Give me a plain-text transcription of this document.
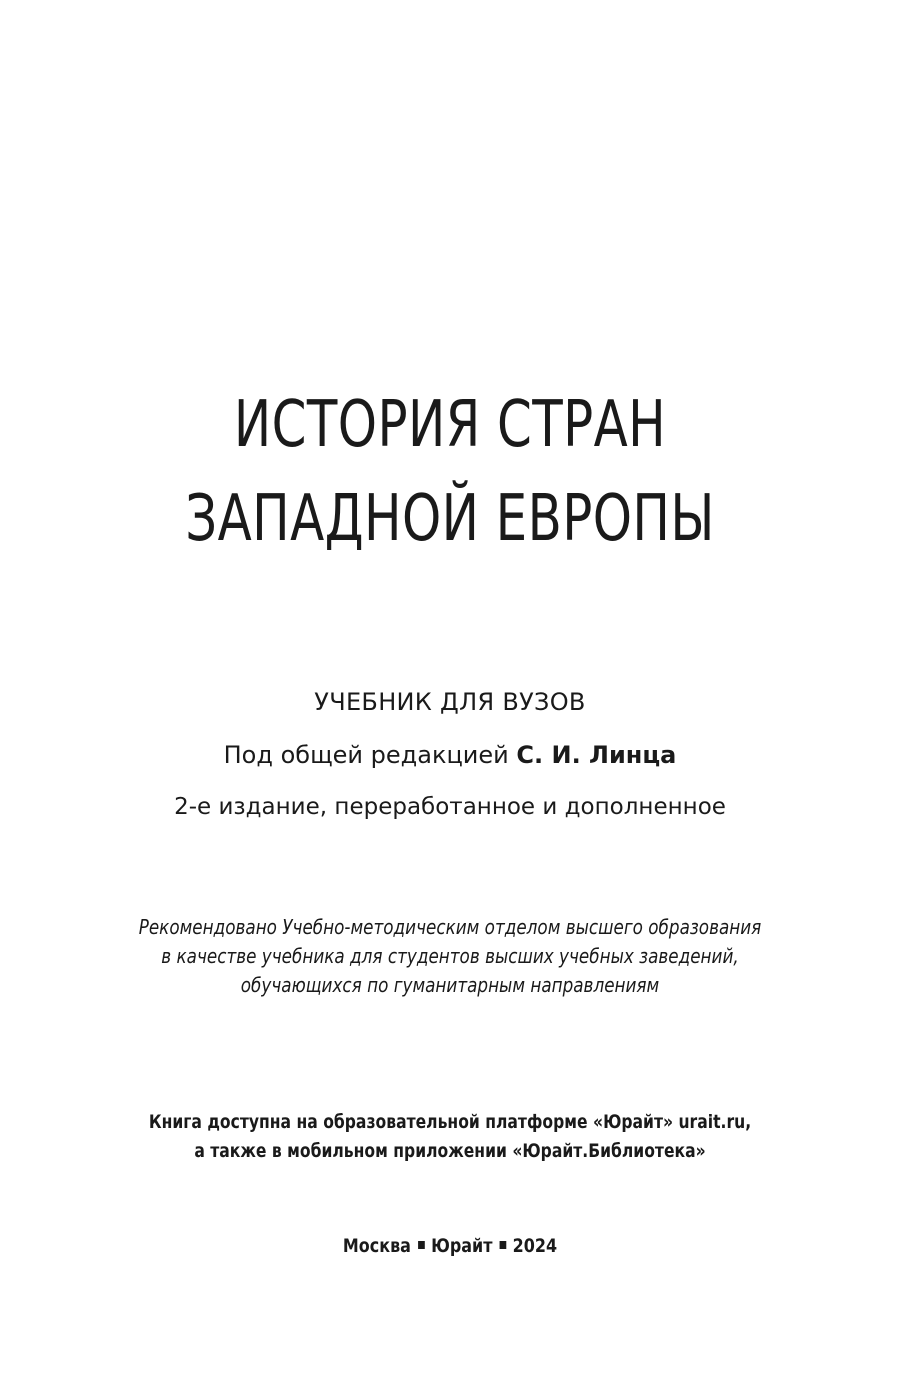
ИСТОРИЯ СТРАН
ЗАПАДНОЙ ЕВРОПЫ
УЧЕБНИК ДЛЯ ВУЗОВ
Под общей редакцией С. И. Линца
2-е издание, переработанное и дополненное
Рекомендовано Учебно-методическим отделом высшего образования
в качестве учебника для студентов высших учебных заведений,
обучающихся по гуманитарным направлениям
Книга доступна на образовательной платформе «Юрайт» urait.ru,
а также в мобильном приложении «Юрайт.Библиотека»
Москва Юрайт 2024
